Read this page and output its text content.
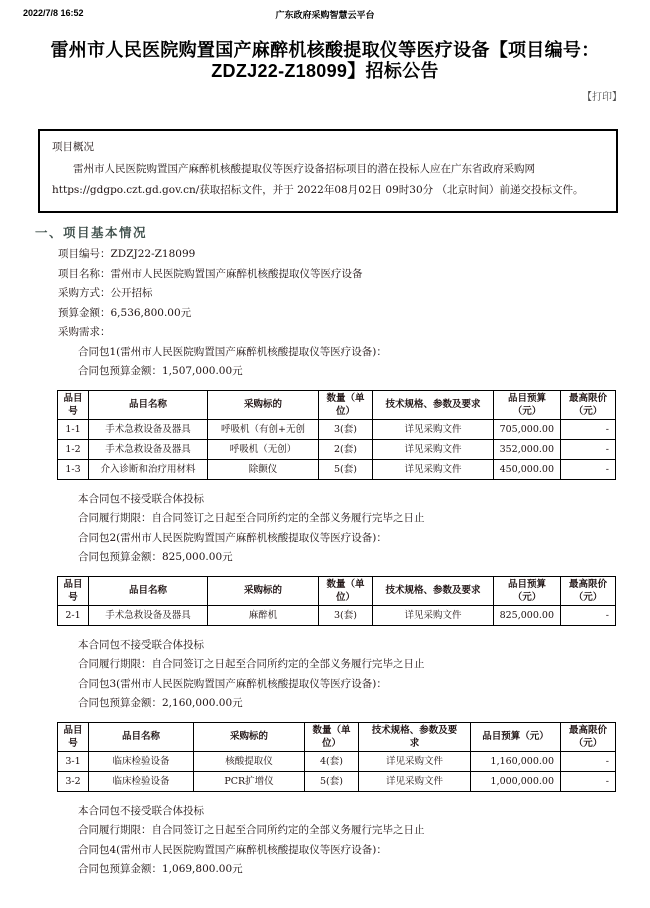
2022/7/8 16:52	广东政府采购智慧云平台
雷州市人民医院购置国产麻醉机核酸提取仪等医疗设备【项目编号：ZDZJ22-Z18099】招标公告
【打印】
项目概况
雷州市人民医院购置国产麻醉机核酸提取仪等医疗设备招标项目的潜在投标人应在广东省政府采购网https://gdgpo.czt.gd.gov.cn/获取招标文件，并于 2022年08月02日 09时30分 （北京时间）前递交投标文件。
一、项目基本情况
项目编号：ZDZJ22-Z18099
项目名称：雷州市人民医院购置国产麻醉机核酸提取仪等医疗设备
采购方式：公开招标
预算金额：6,536,800.00元
采购需求：
合同包1(雷州市人民医院购置国产麻醉机核酸提取仪等医疗设备)：
合同包预算金额：1,507,000.00元
品目号	品目名称	采购标的	数量（单位）	技术规格、参数及要求	品目预算（元）	最高限价（元）
1-1	手术急救设备及器具	呼吸机（有创+无创	3(套)	详见采购文件	705,000.00	-
1-2	手术急救设备及器具	呼吸机（无创）	2(套)	详见采购文件	352,000.00	-
1-3	介入诊断和治疗用材料	除颤仪	5(套)	详见采购文件	450,000.00	-
本合同包不接受联合体投标
合同履行期限：自合同签订之日起至合同所约定的全部义务履行完毕之日止
合同包2(雷州市人民医院购置国产麻醉机核酸提取仪等医疗设备)：
合同包预算金额：825,000.00元
品目号	品目名称	采购标的	数量（单位）	技术规格、参数及要求	品目预算（元）	最高限价（元）
2-1	手术急救设备及器具	麻醉机	3(套)	详见采购文件	825,000.00	-
本合同包不接受联合体投标
合同履行期限：自合同签订之日起至合同所约定的全部义务履行完毕之日止
合同包3(雷州市人民医院购置国产麻醉机核酸提取仪等医疗设备)：
合同包预算金额：2,160,000.00元
品目号	品目名称	采购标的	数量（单位）	技术规格、参数及要求	品目预算（元）	最高限价（元）
3-1	临床检验设备	核酸提取仪	4(套)	详见采购文件	1,160,000.00	-
3-2	临床检验设备	PCR扩增仪	5(套)	详见采购文件	1,000,000.00	-
本合同包不接受联合体投标
合同履行期限：自合同签订之日起至合同所约定的全部义务履行完毕之日止
合同包4(雷州市人民医院购置国产麻醉机核酸提取仪等医疗设备)：
合同包预算金额：1,069,800.00元
